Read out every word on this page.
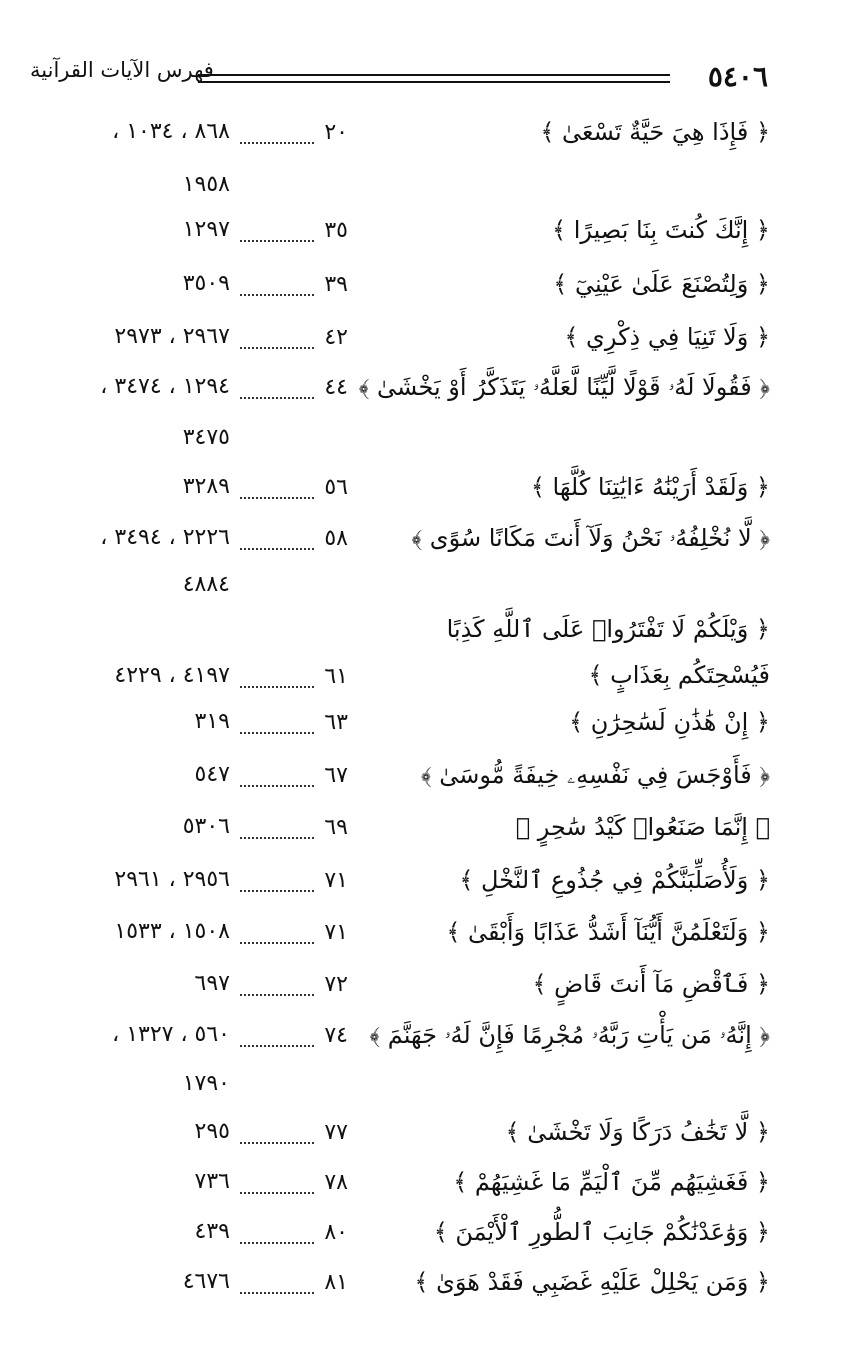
٥٤٠٦
فهرس الآيات القرآنية
﴿ فَإِذَا هِيَ حَيَّةٌ تَسْعَىٰ ﴾
٢٠
٨٦٨ ، ١٠٣٤ ،
١٩٥٨
﴿ إِنَّكَ كُنتَ بِنَا بَصِيرًا ﴾
٣٥
١٢٩٧
﴿ وَلِتُصْنَعَ عَلَىٰ عَيْنِيٓ ﴾
٣٩
٣٥٠٩
﴿ وَلَا تَنِيَا فِي ذِكْرِي ﴾
٤٢
٢٩٦٧ ، ٢٩٧٣
﴿ فَقُولَا لَهُۥ قَوْلًا لَّيِّنًا لَّعَلَّهُۥ يَتَذَكَّرُ أَوْ يَخْشَىٰ ﴾
٤٤
١٢٩٤ ، ٣٤٧٤ ،
٣٤٧٥
﴿ وَلَقَدْ أَرَيْنَٰهُ ءَايَٰتِنَا كُلَّهَا ﴾
٥٦
٣٢٨٩
﴿ لَّا نُخْلِفُهُۥ نَحْنُ وَلَآ أَنتَ مَكَانًا سُوًى ﴾
٥٨
٢٢٢٦ ، ٣٤٩٤ ،
٤٨٨٤
﴿ وَيْلَكُمْ لَا تَفْتَرُوا۟ عَلَى ٱللَّهِ كَذِبًا فَيُسْحِتَكُم بِعَذَابٍ ﴾
٦١
٤١٩٧ ، ٤٢٢٩
﴿ إِنْ هَٰذَٰنِ لَسَٰحِرَٰنِ ﴾
٦٣
٣١٩
﴿ فَأَوْجَسَ فِي نَفْسِهِۦ خِيفَةً مُّوسَىٰ ﴾
٦٧
٥٤٧
﴿ إِنَّمَا صَنَعُوا۟ كَيْدُ سَٰحِرٍ ﴾
٦٩
٥٣٠٦
﴿ وَلَأُصَلِّبَنَّكُمْ فِي جُذُوعِ ٱلنَّخْلِ ﴾
٧١
٢٩٥٦ ، ٢٩٦١
﴿ وَلَتَعْلَمُنَّ أَيُّنَآ أَشَدُّ عَذَابًا وَأَبْقَىٰ ﴾
٧١
١٥٠٨ ، ١٥٣٣
﴿ فَٱقْضِ مَآ أَنتَ قَاضٍ ﴾
٧٢
٦٩٧
﴿ إِنَّهُۥ مَن يَأْتِ رَبَّهُۥ مُجْرِمًا فَإِنَّ لَهُۥ جَهَنَّمَ ﴾
٧٤
٥٦٠ ، ١٣٢٧ ،
١٧٩٠
﴿ لَّا تَخَٰفُ دَرَكًا وَلَا تَخْشَىٰ ﴾
٧٧
٢٩٥
﴿ فَغَشِيَهُم مِّنَ ٱلْيَمِّ مَا غَشِيَهُمْ ﴾
٧٨
٧٣٦
﴿ وَوَٰعَدْنَٰكُمْ جَانِبَ ٱلطُّورِ ٱلْأَيْمَنَ ﴾
٨٠
٤٣٩
﴿ وَمَن يَحْلِلْ عَلَيْهِ غَضَبِي فَقَدْ هَوَىٰ ﴾
٨١
٤٦٧٦
